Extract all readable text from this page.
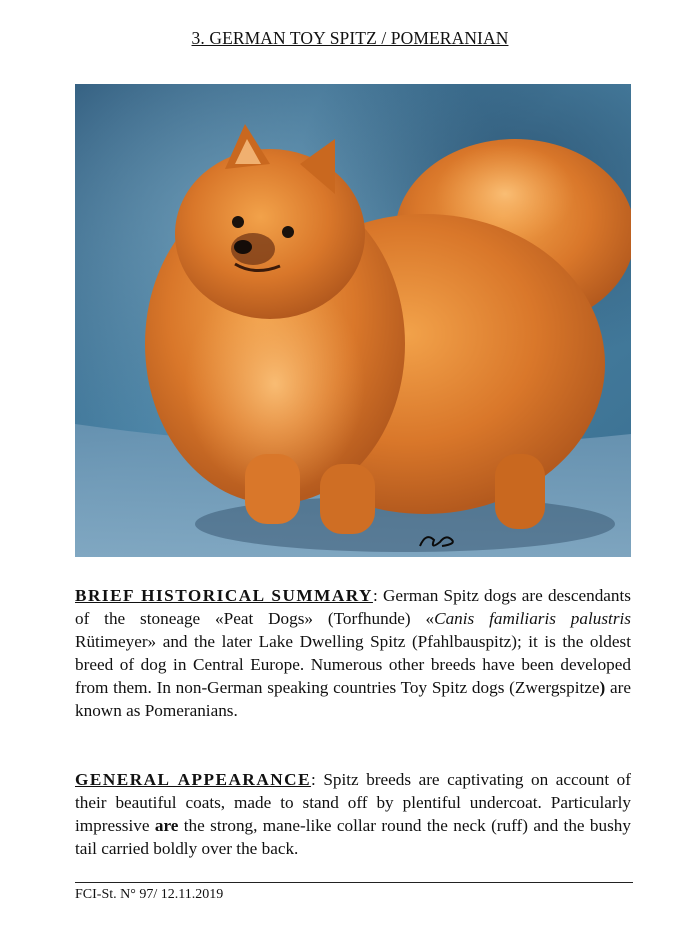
3. GERMAN TOY SPITZ / POMERANIAN
BRIEF HISTORICAL SUMMARY: German Spitz dogs are descendants of the stoneage «Peat Dogs» (Torfhunde) «Canis familiaris palustris Rütimeyer» and the later Lake Dwelling Spitz (Pfahlbauspitz); it is the oldest breed of dog in Central Europe. Numerous other breeds have been developed from them. In non-German speaking countries Toy Spitz dogs (Zwergspitze) are known as Pomeranians.
GENERAL APPEARANCE: Spitz breeds are captivating on account of their beautiful coats, made to stand off by plentiful undercoat. Particularly impressive are the strong, mane-like collar round the neck (ruff) and the bushy tail carried boldly over the back.
FCI-St. N° 97/ 12.11.2019
